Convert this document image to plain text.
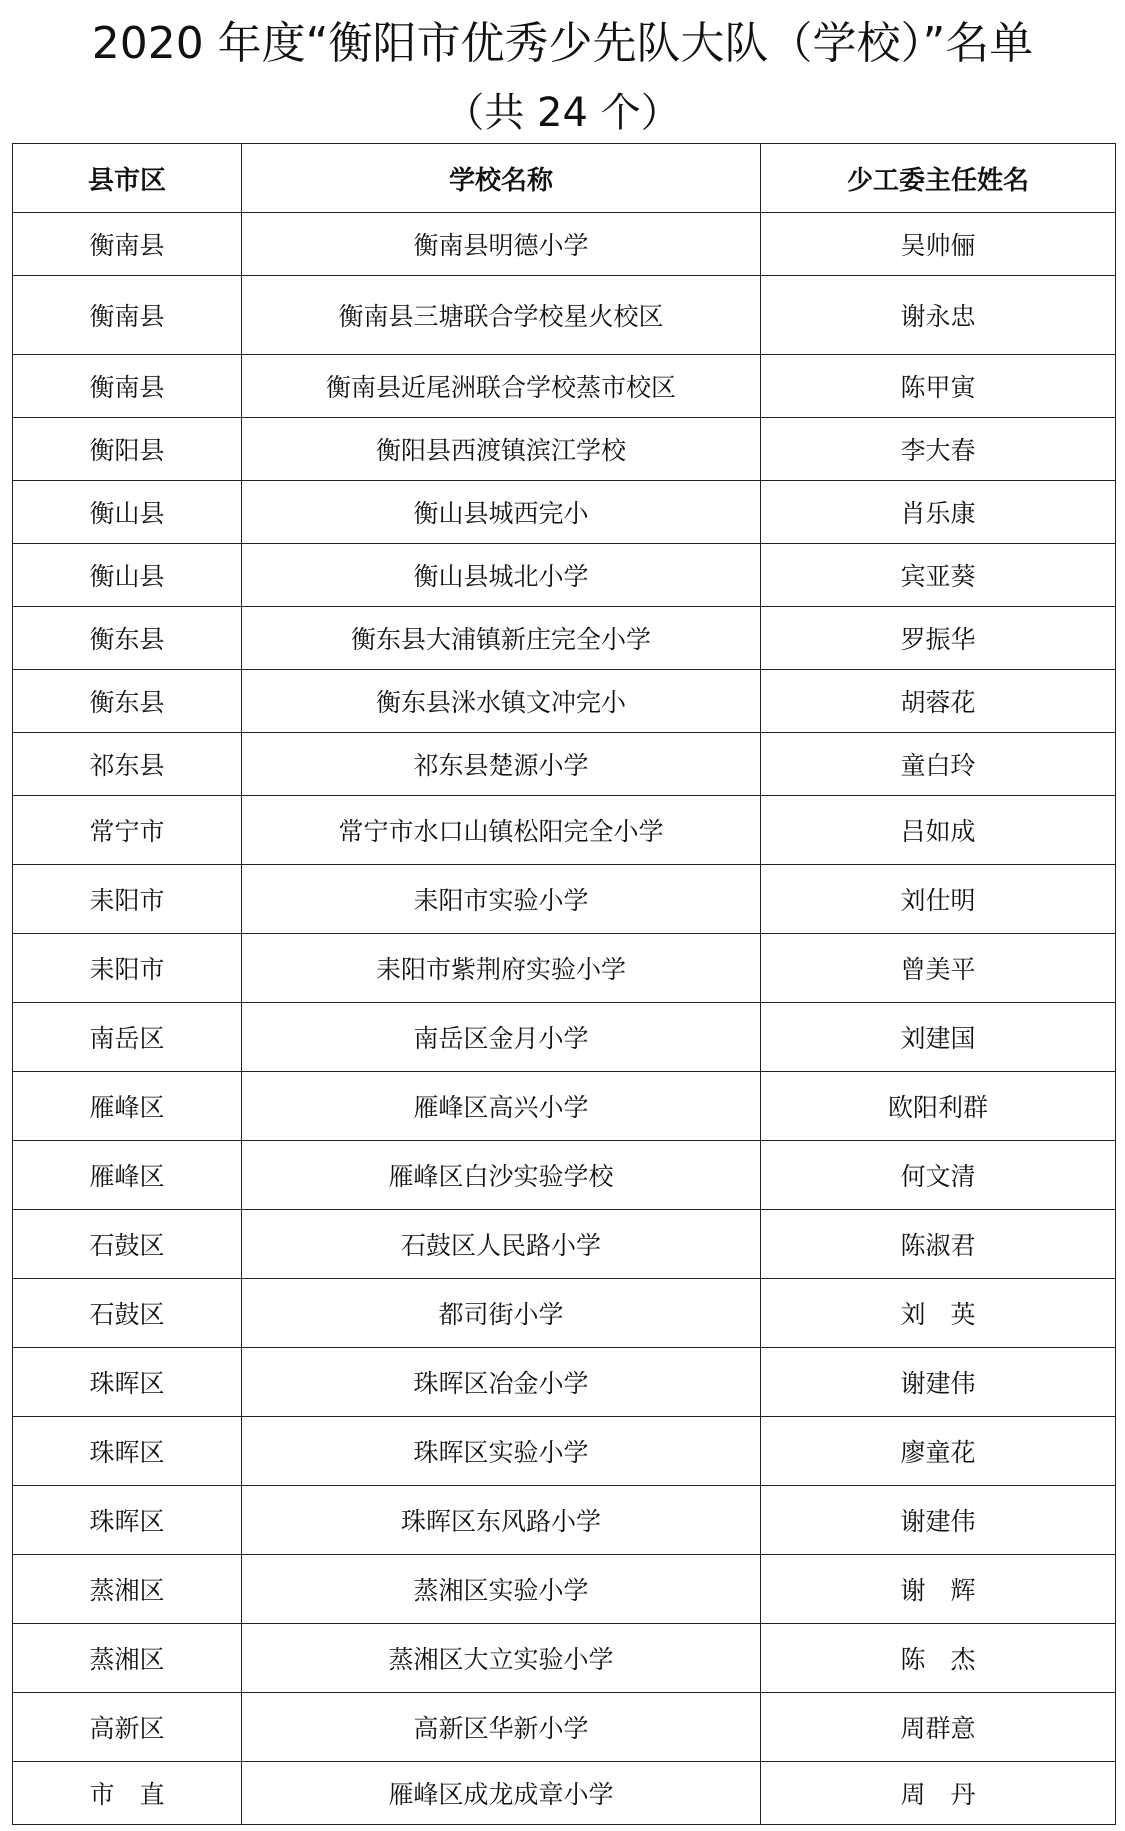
2020 年度“衡阳市优秀少先队大队（学校）”名单
（共 24 个）
县市区	学校名称	少工委主任姓名
衡南县	衡南县明德小学	吴帅俪
衡南县	衡南县三塘联合学校星火校区	谢永忠
衡南县	衡南县近尾洲联合学校蒸市校区	陈甲寅
衡阳县	衡阳县西渡镇滨江学校	李大春
衡山县	衡山县城西完小	肖乐康
衡山县	衡山县城北小学	宾亚葵
衡东县	衡东县大浦镇新庄完全小学	罗振华
衡东县	衡东县洣水镇文冲完小	胡蓉花
祁东县	祁东县楚源小学	童白玲
常宁市	常宁市水口山镇松阳完全小学	吕如成
耒阳市	耒阳市实验小学	刘仕明
耒阳市	耒阳市紫荆府实验小学	曾美平
南岳区	南岳区金月小学	刘建国
雁峰区	雁峰区高兴小学	欧阳利群
雁峰区	雁峰区白沙实验学校	何文清
石鼓区	石鼓区人民路小学	陈淑君
石鼓区	都司街小学	刘　英
珠晖区	珠晖区冶金小学	谢建伟
珠晖区	珠晖区实验小学	廖童花
珠晖区	珠晖区东风路小学	谢建伟
蒸湘区	蒸湘区实验小学	谢　辉
蒸湘区	蒸湘区大立实验小学	陈　杰
高新区	高新区华新小学	周群意
市　直	雁峰区成龙成章小学	周　丹
